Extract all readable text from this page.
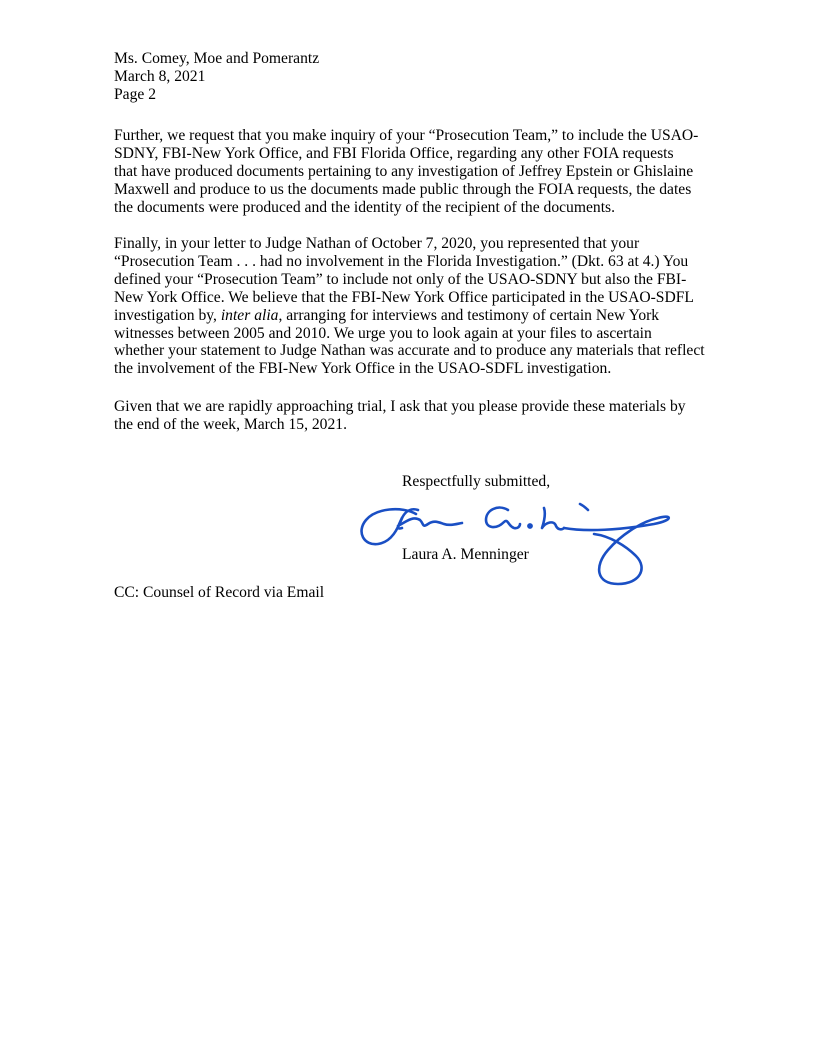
Ms. Comey, Moe and Pomerantz
March 8, 2021
Page 2
Further, we request that you make inquiry of your “Prosecution Team,” to include the USAO-
SDNY, FBI-New York Office, and FBI Florida Office, regarding any other FOIA requests
that have produced documents pertaining to any investigation of Jeffrey Epstein or Ghislaine
Maxwell and produce to us the documents made public through the FOIA requests, the dates
the documents were produced and the identity of the recipient of the documents.
Finally, in your letter to Judge Nathan of October 7, 2020, you represented that your
“Prosecution Team . . . had no involvement in the Florida Investigation.” (Dkt. 63 at 4.) You
defined your “Prosecution Team” to include not only of the USAO-SDNY but also the FBI-
New York Office. We believe that the FBI-New York Office participated in the USAO-SDFL
investigation by, inter alia, arranging for interviews and testimony of certain New York
witnesses between 2005 and 2010. We urge you to look again at your files to ascertain
whether your statement to Judge Nathan was accurate and to produce any materials that reflect
the involvement of the FBI-New York Office in the USAO-SDFL investigation.
Given that we are rapidly approaching trial, I ask that you please provide these materials by
the end of the week, March 15, 2021.
Respectfully submitted,
Laura A. Menninger
CC: Counsel of Record via Email
